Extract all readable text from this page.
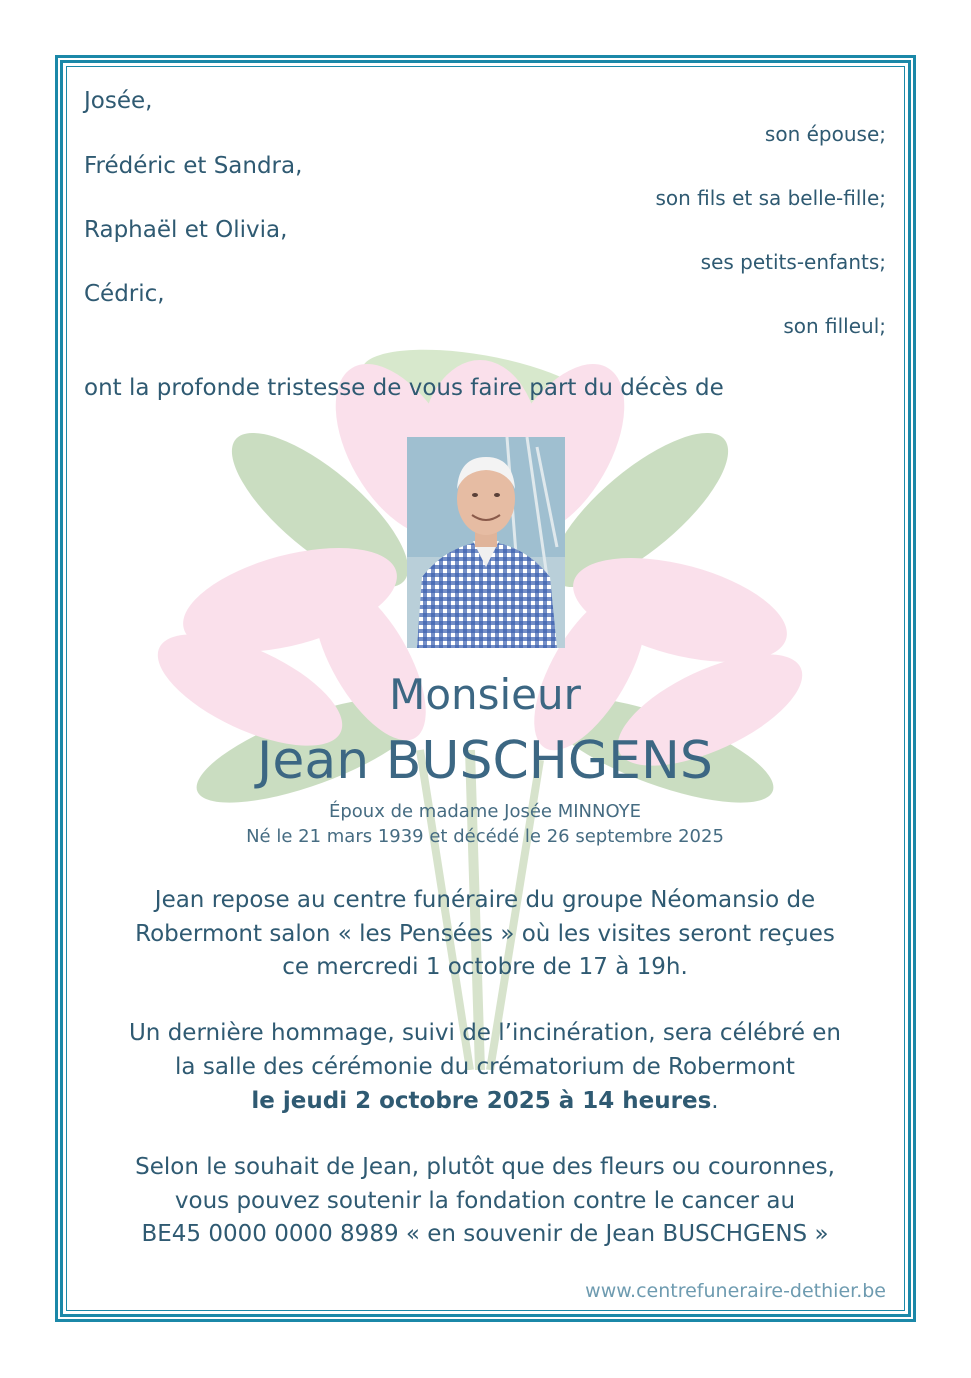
Josée,
son épouse;
Frédéric et Sandra,
son fils et sa belle-fille;
Raphaël et Olivia,
ses petits-enfants;
Cédric,
son filleul;
ont la profonde tristesse de vous faire part du décès de
Monsieur
Jean BUSCHGENS
Époux de madame Josée MINNOYE
Né le 21 mars 1939 et décédé le 26 septembre 2025
Jean repose au centre funéraire du groupe Néomansio de
Robermont salon « les Pensées » où les visites seront reçues
ce mercredi 1 octobre de 17 à 19h.
Un dernière hommage, suivi de l’incinération, sera célébré en
la salle des cérémonie du crématorium de Robermont
le jeudi 2 octobre 2025 à 14 heures.
Selon le souhait de Jean, plutôt que des fleurs ou couronnes,
vous pouvez soutenir la fondation contre le cancer au
BE45 0000 0000 8989 « en souvenir de Jean BUSCHGENS »
www.centrefuneraire-dethier.be
